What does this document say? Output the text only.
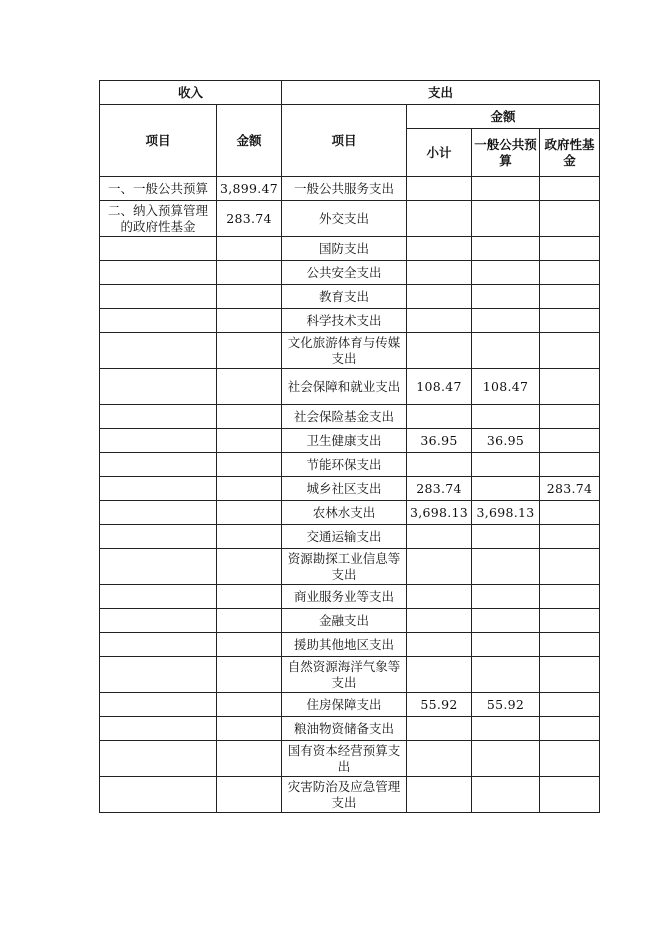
收入		支出			
项目	金额	项目	金额		
			小计	一般公共预算	政府性基金
一、一般公共预算	3,899.47	一般公共服务支出			
二、纳入预算管理的政府性基金	283.74	外交支出			
		国防支出			
		公共安全支出			
		教育支出			
		科学技术支出			
		文化旅游体育与传媒支出			
		社会保障和就业支出	108.47	108.47	
		社会保险基金支出			
		卫生健康支出	36.95	36.95	
		节能环保支出			
		城乡社区支出	283.74		283.74
		农林水支出	3,698.13	3,698.13	
		交通运输支出			
		资源勘探工业信息等支出			
		商业服务业等支出			
		金融支出			
		援助其他地区支出			
		自然资源海洋气象等支出			
		住房保障支出	55.92	55.92	
		粮油物资储备支出			
		国有资本经营预算支出			
		灾害防治及应急管理支出			
